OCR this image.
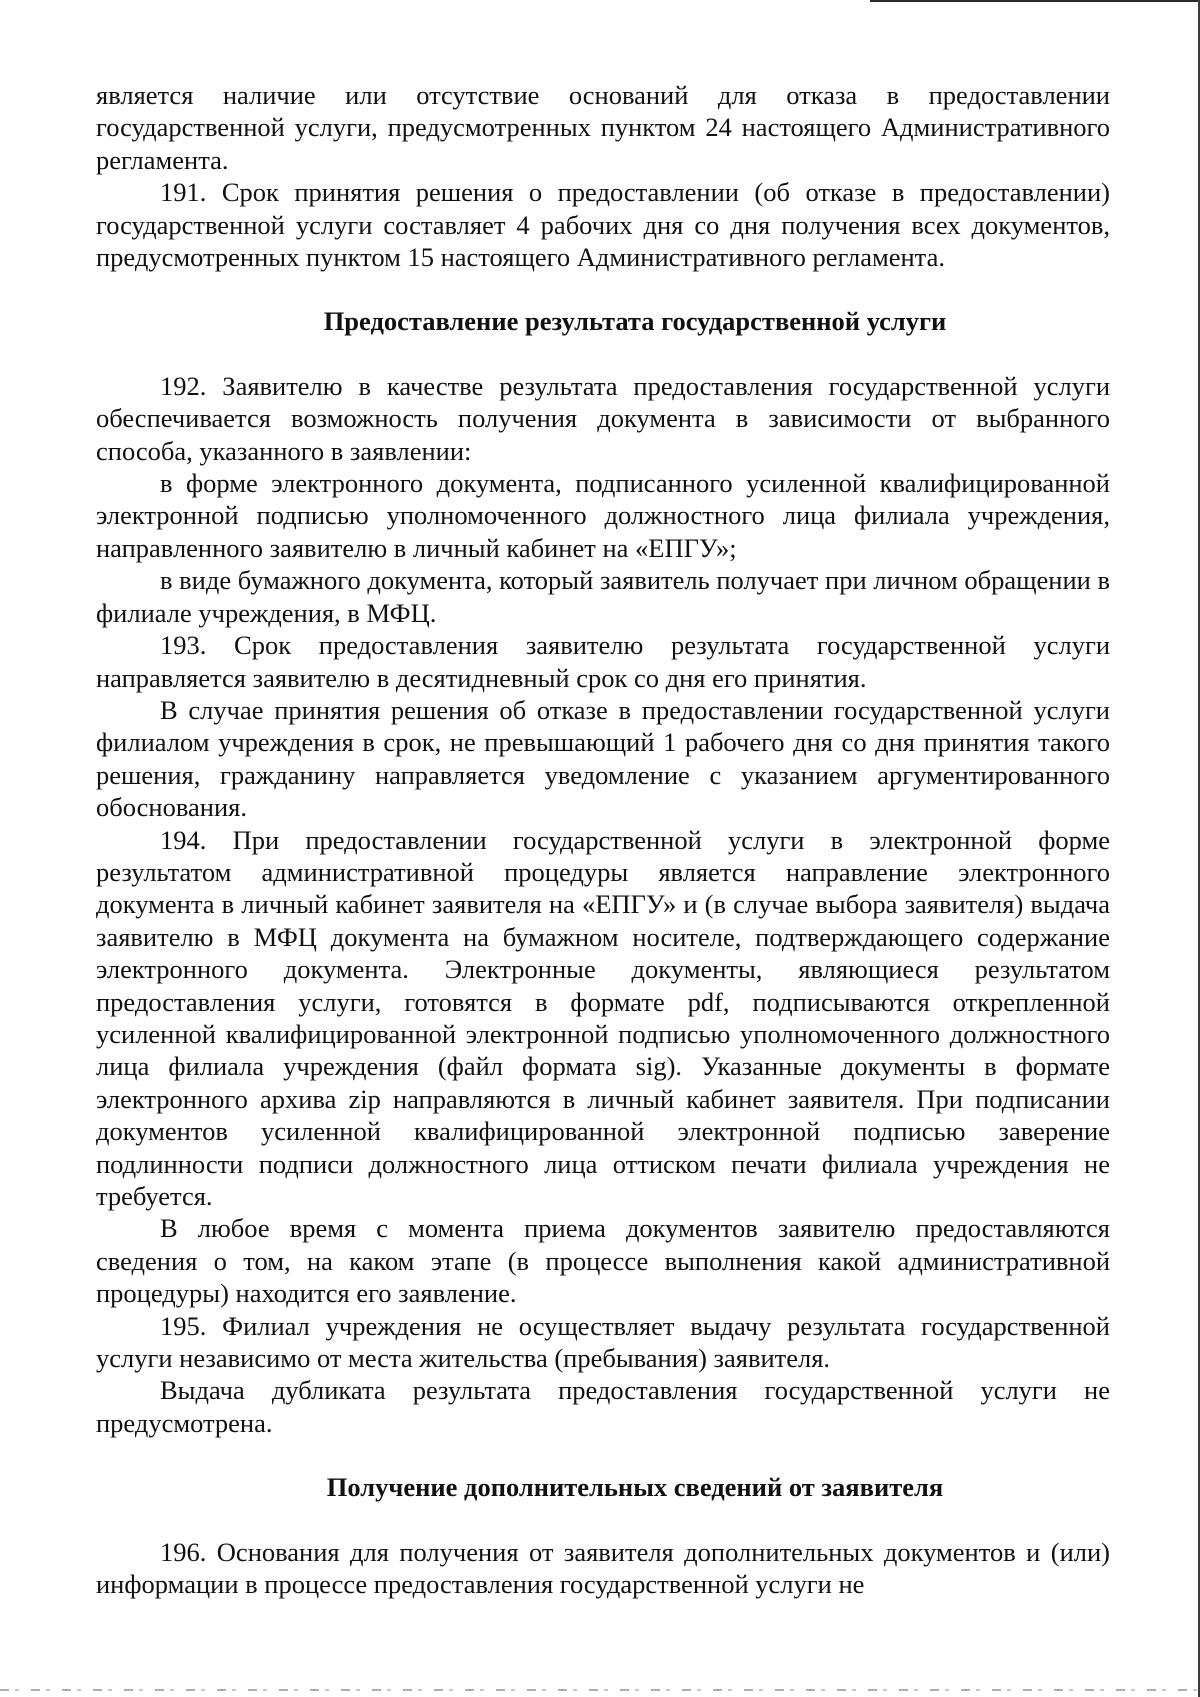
является наличие или отсутствие оснований для отказа в предоставлении государственной услуги, предусмотренных пунктом 24 настоящего Административного регламента.

191. Срок принятия решения о предоставлении (об отказе в предоставлении) государственной услуги составляет 4 рабочих дня со дня получения всех документов, предусмотренных пунктом 15 настоящего Административного регламента.

Предоставление результата государственной услуги

192. Заявителю в качестве результата предоставления государственной услуги обеспечивается возможность получения документа в зависимости от выбранного способа, указанного в заявлении:

в форме электронного документа, подписанного усиленной квалифицированной электронной подписью уполномоченного должностного лица филиала учреждения, направленного заявителю в личный кабинет на «ЕПГУ»;

в виде бумажного документа, который заявитель получает при личном обращении в филиале учреждения, в МФЦ.

193. Срок предоставления заявителю результата государственной услуги направляется заявителю в десятидневный срок со дня его принятия.

В случае принятия решения об отказе в предоставлении государственной услуги филиалом учреждения в срок, не превышающий 1 рабочего дня со дня принятия такого решения, гражданину направляется уведомление с указанием аргументированного обоснования.

194. При предоставлении государственной услуги в электронной форме результатом административной процедуры является направление электронного документа в личный кабинет заявителя на «ЕПГУ» и (в случае выбора заявителя) выдача заявителю в МФЦ документа на бумажном носителе, подтверждающего содержание электронного документа. Электронные документы, являющиеся результатом предоставления услуги, готовятся в формате pdf, подписываются открепленной усиленной квалифицированной электронной подписью уполномоченного должностного лица филиала учреждения (файл формата sig). Указанные документы в формате электронного архива zip направляются в личный кабинет заявителя. При подписании документов усиленной квалифицированной электронной подписью заверение подлинности подписи должностного лица оттиском печати филиала учреждения не требуется.

В любое время с момента приема документов заявителю предоставляются сведения о том, на каком этапе (в процессе выполнения какой административной процедуры) находится его заявление.

195. Филиал учреждения не осуществляет выдачу результата государственной услуги независимо от места жительства (пребывания) заявителя.

Выдача дубликата результата предоставления государственной услуги не предусмотрена.

Получение дополнительных сведений от заявителя

196. Основания для получения от заявителя дополнительных документов и (или) информации в процессе предоставления государственной услуги не
